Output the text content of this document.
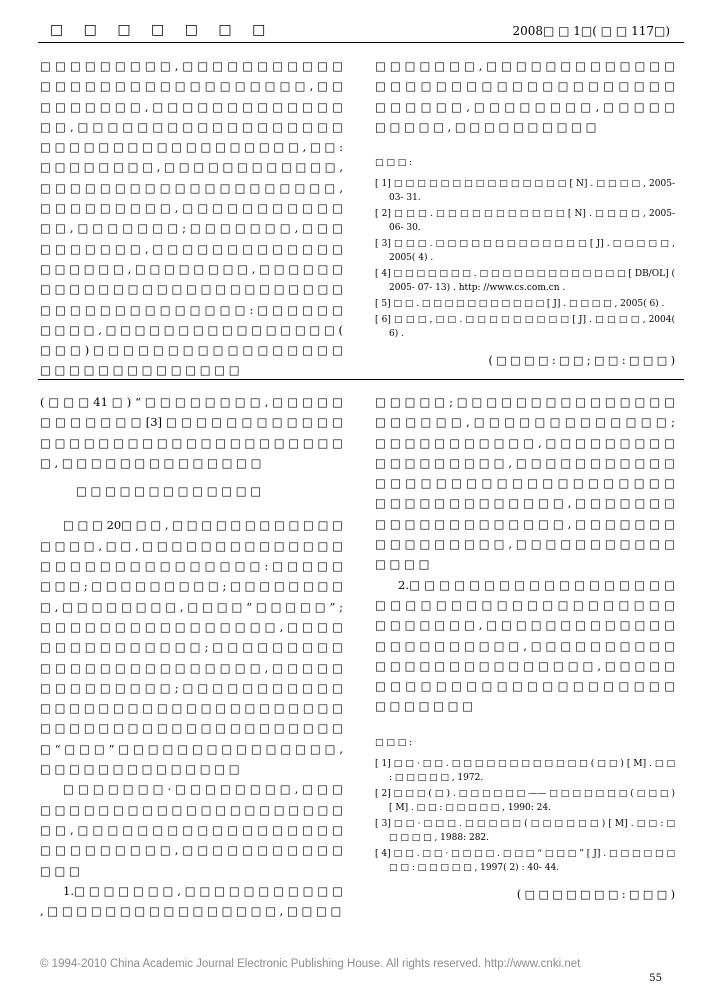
□ □ □ □ □ □ □	2008□ □ 1□( □ □ 117□)

□ □ □ □ □ □ □ □ □ , □ □ □ □ □ □ □ □ □ □ □ □ □ □ □ □ □ □ □ □ □ □ □ □ □ □ □ □ □ , □ □ □ □ □ □ □ □ □ , □ □ □ □ □ □ □ □ □ □ □ □ □ □ □ , □ □ □ □ □ □ □ □ □ □ □ □ □ □ □ □ □ □ □ □ □ □ □ □ □ □ □ □ □ □ □ □ □ □ □ □ , □ □ : □ □ □ □ □ □ □ □ , □ □ □ □ □ □ □ □ □ □ □ □ , □ □ □ □ □ □ □ □ □ □ □ □ □ □ □ □ □ □ □ □ , □ □ □ □ □ □ □ □ □ , □ □ □ □ □ □ □ □ □ □ □ □ □ , □ □ □ □ □ □ □ ; □ □ □ □ □ □ □ , □ □ □ □ □ □ □ □ □ □ , □ □ □ □ □ □ □ □ □ □ □ □ □ □ □ □ □ □ □ , □ □ □ □ □ □ □ □ , □ □ □ □ □ □ □ □ □ □ □ □ □ □ □ □ □ □ □ □ □ □ □ □ □ □ □ □ □ □ □ □ □ □ □ □ □ □ □ □ □ : □ □ □ □ □ □ □ □ □ □ , □ □ □ □ □ □ □ □ □ □ □ □ □ □ □ □ ( □ □ □ ) □ □ □ □ □ □ □ □ □ □ □ □ □ □ □ □ □ □ □ □ □ □ □ □ □ □ □ □ □ □ □

□ □ □ □ □ □ □ , □ □ □ □ □ □ □ □ □ □ □ □ □ □ □ □ □ □ □ □ □ □ □ □ □ □ □ □ □ □ □ □ □ □ □ □ □ □ □ , □ □ □ □ □ □ □ □ , □ □ □ □ □ □ □ □ □ □ , □ □ □ □ □ □ □ □ □ □

□ □ □ :

[ 1] □ □ □ □ □ □ □ □ □ □ □ □ □ □ □ [ N] . □ □ □ □ , 2005- 03- 31.

[ 2] □ □ □ . □ □ □ □ □ □ □ □ □ □ □ [ N] . □ □ □ □ , 2005- 06- 30.

[ 3] □ □ □ . □ □ □ □ □ □ □ □ □ □ □ □ □ [ J] . □ □ □ □ □ , 2005( 4) .

[ 4] □ □ □ □ □ □ □ . □ □ □ □ □ □ □ □ □ □ □ □ □ [ DB/OL] ( 2005- 07- 13) . http: //www.cs.com.cn .

[ 5] □ □ . □ □ □ □ □ □ □ □ □ □ □ [ J] . □ □ □ □ , 2005( 6) .

[ 6] □ □ □ , □ □ . □ □ □ □ □ □ □ □ □ [ J] . □ □ □ □ , 2004( 6) .

( □ □ □ □ : □ □ ; □ □ : □ □ □ )

( □ □ □ 41 □ ) “ □ □ □ □ □ □ □ □ , □ □ □ □ □ □ □ □ □ □ □ □ [3] □ □ □ □ □ □ □ □ □ □ □ □ □ □ □ □ □ □ □ □ □ □ □ □ □ □ □ □ □ □ □ □ □ □ , □ □ □ □ □ □ □ □ □ □ □ □ □ □

□ □ □ □ □ □ □ □ □ □ □ □ □

□ □ □ 20□ □ □ , □ □ □ □ □ □ □ □ □ □ □ □ □ □ □ □ , □ □ , □ □ □ □ □ □ □ □ □ □ □ □ □ □ □ □ □ □ □ □ □ □ □ □ □ □ □ □ □ : □ □ □ □ □ □ □ □ ; □ □ □ □ □ □ □ □ □ ; □ □ □ □ □ □ □ □ □ , □ □ □ □ □ □ □ □ , □ □ □ □ “ □ □ □ □ □ ” ; □ □ □ □ □ □ □ □ □ □ □ □ □ □ □ □ , □ □ □ □ □ □ □ □ □ □ □ □ □ □ □ ; □ □ □ □ □ □ □ □ □ □ □ □ □ □ □ □ □ □ □ □ □ □ □ □ , □ □ □ □ □ □ □ □ □ □ □ □ □ □ ; □ □ □ □ □ □ □ □ □ □ □ □ □ □ □ □ □ □ □ □ □ □ □ □ □ □ □ □ □ □ □ □ □ □ □ □ □ □ □ □ □ □ □ □ □ □ □ □ □ □ □ □ □ □ “ □ □ □ ” □ □ □ □ □ □ □ □ □ □ □ □ □ □ □ , □ □ □ □ □ □ □ □ □ □ □ □ □ □

□ □ □ □ □ □ □ · □ □ □ □ □ □ □ □ , □ □ □ □ □ □ □ □ □ □ □ □ □ □ □ □ □ □ □ □ □ □ □ □ □ □ , □ □ □ □ □ □ □ □ □ □ □ □ □ □ □ □ □ □ □ □ □ □ □ □ □ □ □ , □ □ □ □ □ □ □ □ □ □ □ □ □ □

1.□ □ □ □ □ □ □ , □ □ □ □ □ □ □ □ □ □ □ , □ □ □ □ □ □ □ □ □ □ □ □ □ □ □ □ , □ □ □ □

□ □ □ □ □ ; □ □ □ □ □ □ □ □ □ □ □ □ □ □ □ □ □ □ □ □ □ , □ □ □ □ □ □ □ □ □ □ □ □ □ ; □ □ □ □ □ □ □ □ □ □ □ , □ □ □ □ □ □ □ □ □ □ □ □ □ □ □ □ □ □ , □ □ □ □ □ □ □ □ □ □ □ □ □ □ □ □ □ □ □ □ □ □ □ □ □ □ □ □ □ □ □ □ □ □ □ □ □ □ □ □ □ □ □ □ , □ □ □ □ □ □ □ □ □ □ □ □ □ □ □ □ □ □ □ □ , □ □ □ □ □ □ □ □ □ □ □ □ □ □ □ □ , □ □ □ □ □ □ □ □ □ □ □ □ □ □ □

2.□ □ □ □ □ □ □ □ □ □ □ □ □ □ □ □ □ □ □ □ □ □ □ □ □ □ □ □ □ □ □ □ □ □ □ □ □ □ □ □ □ □ □ □ □ , □ □ □ □ □ □ □ □ □ □ □ □ □ □ □ □ □ □ □ □ □ □ □ , □ □ □ □ □ □ □ □ □ □ □ □ □ □ □ □ □ □ □ □ □ □ □ □ □ , □ □ □ □ □ □ □ □ □ □ □ □ □ □ □ □ □ □ □ □ □ □ □ □ □ □ □ □ □ □ □ □

□ □ □ :

[ 1] □ □ · □ □ . □ □ □ □ □ □ □ □ □ □ □ □ ( □ □ ) [ M] . □ □ : □ □ □ □ □ , 1972.

[ 2] □ □ □ ( □ ) . □ □ □ □ □ □ —— □ □ □ □ □ □ □ ( □ □ □ ) [ M] . □ □ : □ □ □ □ □ , 1990: 24.

[ 3] □ □ · □ □ □ . □ □ □ □ □ ( □ □ □ □ □ □ ) [ M] . □ □ : □ □ □ □ □ , 1988: 282.

[ 4] □ □ . □ □ · □ □ □ □ . □ □ □ “ □ □ □ ” [ J] . □ □ □ □ □ □ □ □ : □ □ □ □ □ , 1997( 2) : 40- 44.

( □ □ □ □ □ □ □ : □ □ □ )

© 1994-2010 China Academic Journal Electronic Publishing House. All rights reserved. http://www.cnki.net
55
